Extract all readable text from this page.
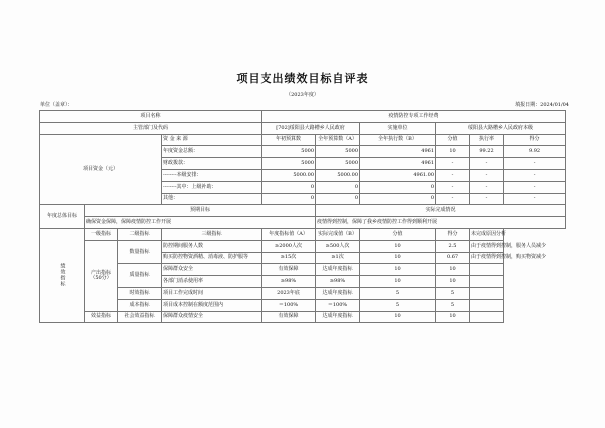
项目支出绩效目标自评表
（2023年度）
单位（盖章）：	填报日期：2024/01/04
项目名称				疫情防控专项工作经费					
主管部门及代码				[702]绥阳县大路槽乡人民政府		实施单位	绥阳县大路槽乡人民政府本级		
项目资金（元）			资 金 来 源	年初预算数	全年预算数（A）	全年执行数（B）	分值	执行率	得分
			年度资金总额：	5000	5000	4961	10	99.22	9.92
			财政拨款：	5000	5000	4961	-	-	-
			--------本级安排：	5000.00	5000.00	4961.00	-	-	-
			--------其中：上级补助：	0	0	0	-	-	-
			其他：	0	0	0	-	-	-
年度总体目标	预期目标				实际完成情况				
	确保资金保障，保障疫情防控工作开展				疫情得到控制，保障了我乡疫情防控工作得到顺利开展				
绩效指标	一级指标	二级指标	三级指标	年度指标值（A）	实际完成值（B）	分值	得分	未完成原因分析	
	产出指标（50分）	数量指标	防控期间服务人数	≥2000人次	≥500人次	10	2.5	由于疫情得到控制，服务人员减少	
			购买防控物资酒精、消毒液、防护服等	≥15次	≥1次	10	0.67	由于疫情得到控制，购买物资减少	
		质量指标	保障群众安全	有效保障	达成年度指标	10	10		
			各部门消杀使用率	≥98%	≥98%	10	10		
		时效指标	项目工作完成时间	2023年底	达成年度指标	5	5		
		成本指标	项目成本控制在额度范围内	＝100%	＝100%	5	5		
	效益指标	社会效益指标	保障群众疫情安全	有效保障	达成年度指标	10	10		
